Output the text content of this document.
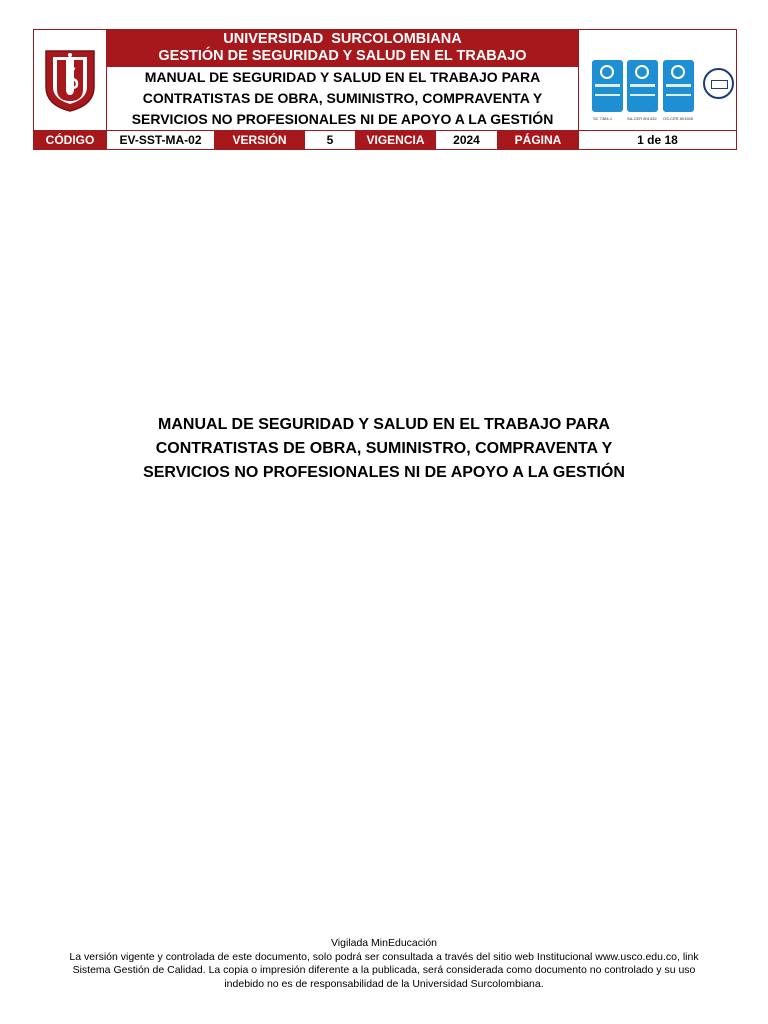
UNIVERSIDAD  SURCOLOMBIANA
GESTIÓN DE SEGURIDAD Y SALUD EN EL TRABAJO
MANUAL DE SEGURIDAD Y SALUD EN EL TRABAJO PARA
CONTRATISTAS DE OBRA, SUMINISTRO, COMPRAVENTA Y
SERVICIOS NO PROFESIONALES NI DE APOYO A LA GESTIÓN	SC 7384-1	SA-CER 801432 OS-CER 801505
CÓDIGO	EV-SST-MA-02	VERSIÓN	5	VIGENCIA	2024	PÁGINA	1 de 18
MANUAL DE SEGURIDAD Y SALUD EN EL TRABAJO PARA
CONTRATISTAS DE OBRA, SUMINISTRO, COMPRAVENTA Y
SERVICIOS NO PROFESIONALES NI DE APOYO A LA GESTIÓN
Vigilada MinEducación
La versión vigente y controlada de este documento, solo podrá ser consultada a través del sitio web Institucional www.usco.edu.co, link
Sistema Gestión de Calidad. La copia o impresión diferente a la publicada, será considerada como documento no controlado y su uso
indebido no es de responsabilidad de la Universidad Surcolombiana.
